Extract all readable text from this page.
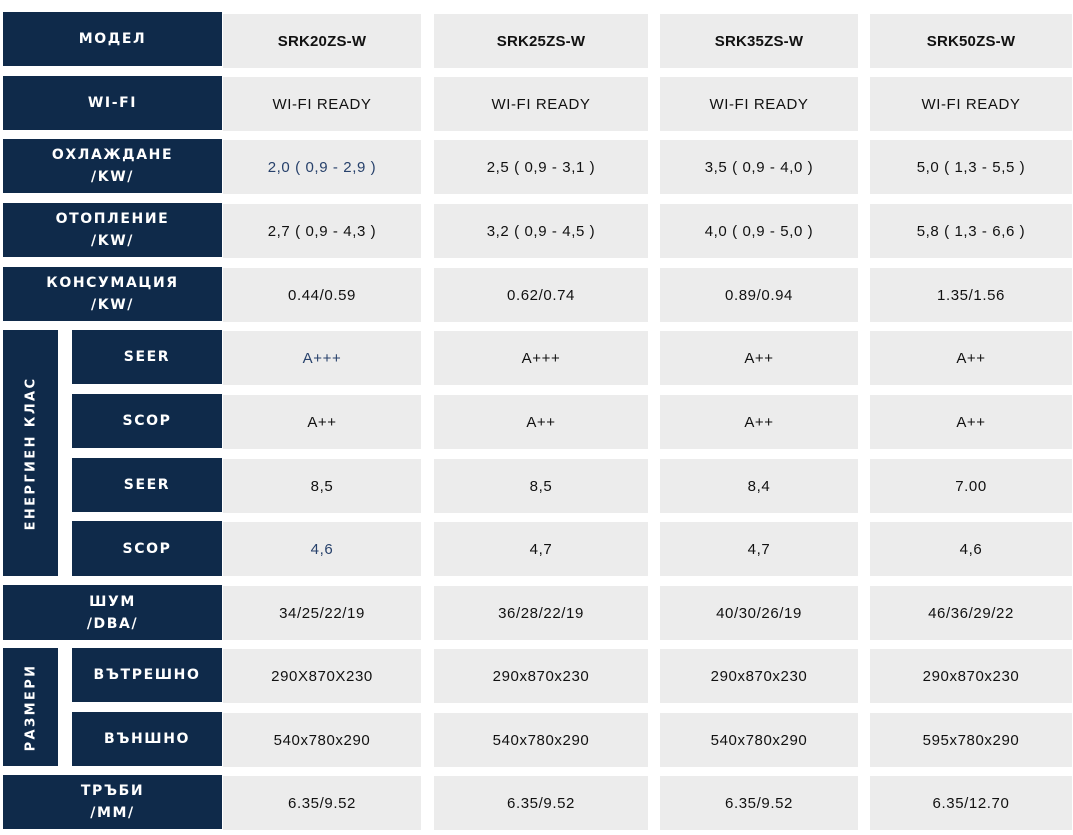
МОДЕЛ
WI-FI
ОХЛАЖДАНЕ
/KW/
ОТОПЛЕНИЕ
/KW/
КОНСУМАЦИЯ
/KW/
ЕНЕРГИЕН КЛАС
SEER
SCOP
SEER
SCOP
ШУМ
/DBA/
РАЗМЕРИ	ВЪТРЕШНО
ВЪНШНО
ТРЪБИ
/MM/
SRK20ZS-W
WI-FI READY
2,0 ( 0,9 - 2,9 )
2,7 ( 0,9 - 4,3 )
0.44/0.59
A+++
A++
8,5
4,6
34/25/22/19
290X870X230
540x780x290
6.35/9.52
SRK25ZS-W
WI-FI READY
2,5 ( 0,9 - 3,1 )
3,2 ( 0,9 - 4,5 )
0.62/0.74
A+++
A++
8,5
4,7
36/28/22/19
290x870x230
540x780x290
6.35/9.52
SRK35ZS-W
WI-FI READY
3,5 ( 0,9 - 4,0 )
4,0 ( 0,9 - 5,0 )
0.89/0.94
A++
A++
8,4
4,7
40/30/26/19
290x870x230
540x780x290
6.35/9.52
SRK50ZS-W
WI-FI READY
5,0 ( 1,3 - 5,5 )
5,8 ( 1,3 - 6,6 )
1.35/1.56
A++
A++
7.00
4,6
46/36/29/22
290x870x230
595x780x290
6.35/12.70
